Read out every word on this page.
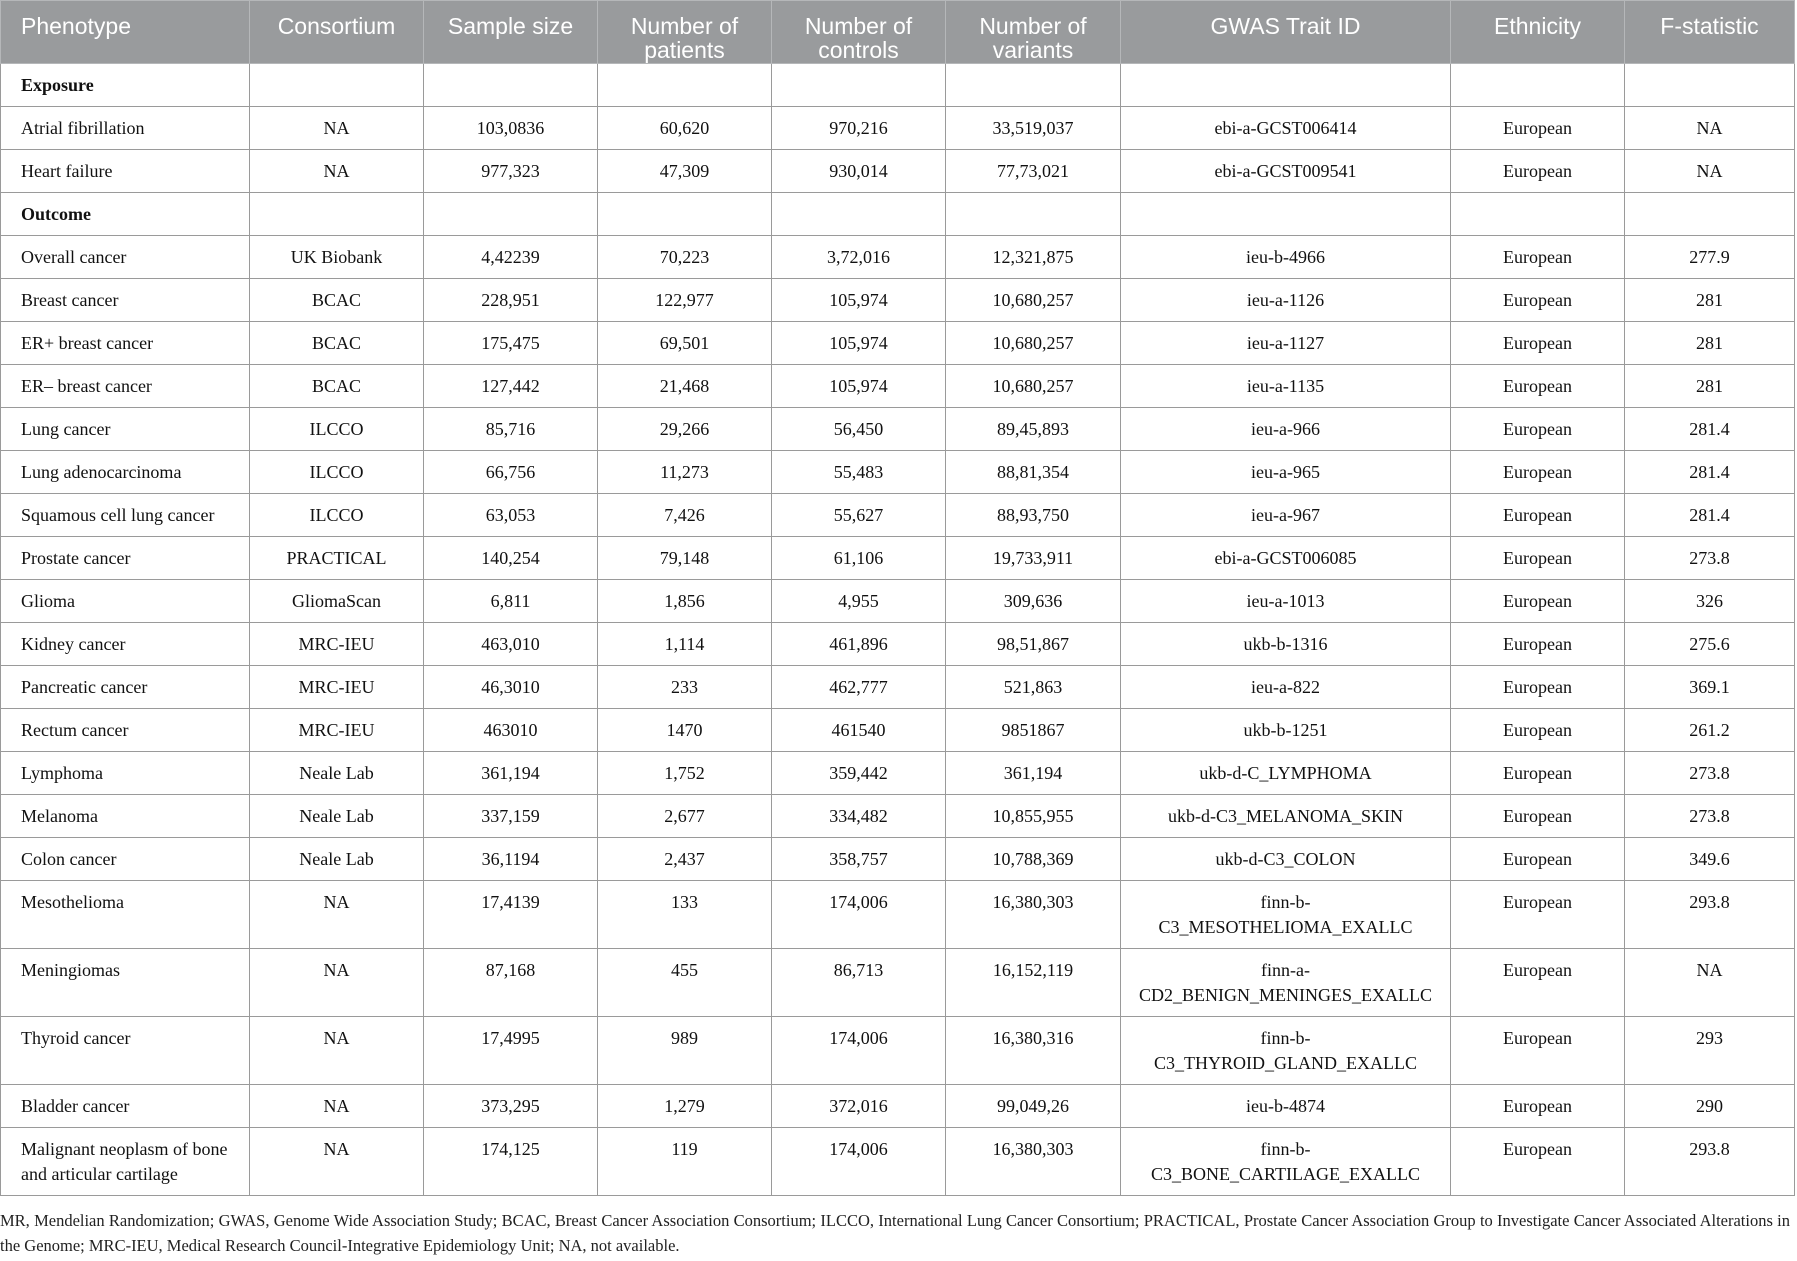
Phenotype	Consortium	Sample size	Number of patients	Number of controls	Number of variants	GWAS Trait ID	Ethnicity	F-statistic
Exposure								
Atrial fibrillation	NA	103,0836	60,620	970,216	33,519,037	ebi-a-GCST006414	European	NA
Heart failure	NA	977,323	47,309	930,014	77,73,021	ebi-a-GCST009541	European	NA
Outcome								
Overall cancer	UK Biobank	4,42239	70,223	3,72,016	12,321,875	ieu-b-4966	European	277.9
Breast cancer	BCAC	228,951	122,977	105,974	10,680,257	ieu-a-1126	European	281
ER+ breast cancer	BCAC	175,475	69,501	105,974	10,680,257	ieu-a-1127	European	281
ER– breast cancer	BCAC	127,442	21,468	105,974	10,680,257	ieu-a-1135	European	281
Lung cancer	ILCCO	85,716	29,266	56,450	89,45,893	ieu-a-966	European	281.4
Lung adenocarcinoma	ILCCO	66,756	11,273	55,483	88,81,354	ieu-a-965	European	281.4
Squamous cell lung cancer	ILCCO	63,053	7,426	55,627	88,93,750	ieu-a-967	European	281.4
Prostate cancer	PRACTICAL	140,254	79,148	61,106	19,733,911	ebi-a-GCST006085	European	273.8
Glioma	GliomaScan	6,811	1,856	4,955	309,636	ieu-a-1013	European	326
Kidney cancer	MRC-IEU	463,010	1,114	461,896	98,51,867	ukb-b-1316	European	275.6
Pancreatic cancer	MRC-IEU	46,3010	233	462,777	521,863	ieu-a-822	European	369.1
Rectum cancer	MRC-IEU	463010	1470	461540	9851867	ukb-b-1251	European	261.2
Lymphoma	Neale Lab	361,194	1,752	359,442	361,194	ukb-d-C_LYMPHOMA	European	273.8
Melanoma	Neale Lab	337,159	2,677	334,482	10,855,955	ukb-d-C3_MELANOMA_SKIN	European	273.8
Colon cancer	Neale Lab	36,1194	2,437	358,757	10,788,369	ukb-d-C3_COLON	European	349.6
Mesothelioma	NA	17,4139	133	174,006	16,380,303	finn-b-
C3_MESOTHELIOMA_EXALLC	European	293.8
Meningiomas	NA	87,168	455	86,713	16,152,119	finn-a-
CD2_BENIGN_MENINGES_EXALLC	European	NA
Thyroid cancer	NA	17,4995	989	174,006	16,380,316	finn-b-
C3_THYROID_GLAND_EXALLC	European	293
Bladder cancer	NA	373,295	1,279	372,016	99,049,26	ieu-b-4874	European	290
Malignant neoplasm of bone and articular cartilage	NA	174,125	119	174,006	16,380,303	finn-b-
C3_BONE_CARTILAGE_EXALLC	European	293.8
MR, Mendelian Randomization; GWAS, Genome Wide Association Study; BCAC, Breast Cancer Association Consortium; ILCCO, International Lung Cancer Consortium; PRACTICAL, Prostate Cancer Association Group to Investigate Cancer Associated Alterations in the Genome; MRC-IEU, Medical Research Council-Integrative Epidemiology Unit; NA, not available.
